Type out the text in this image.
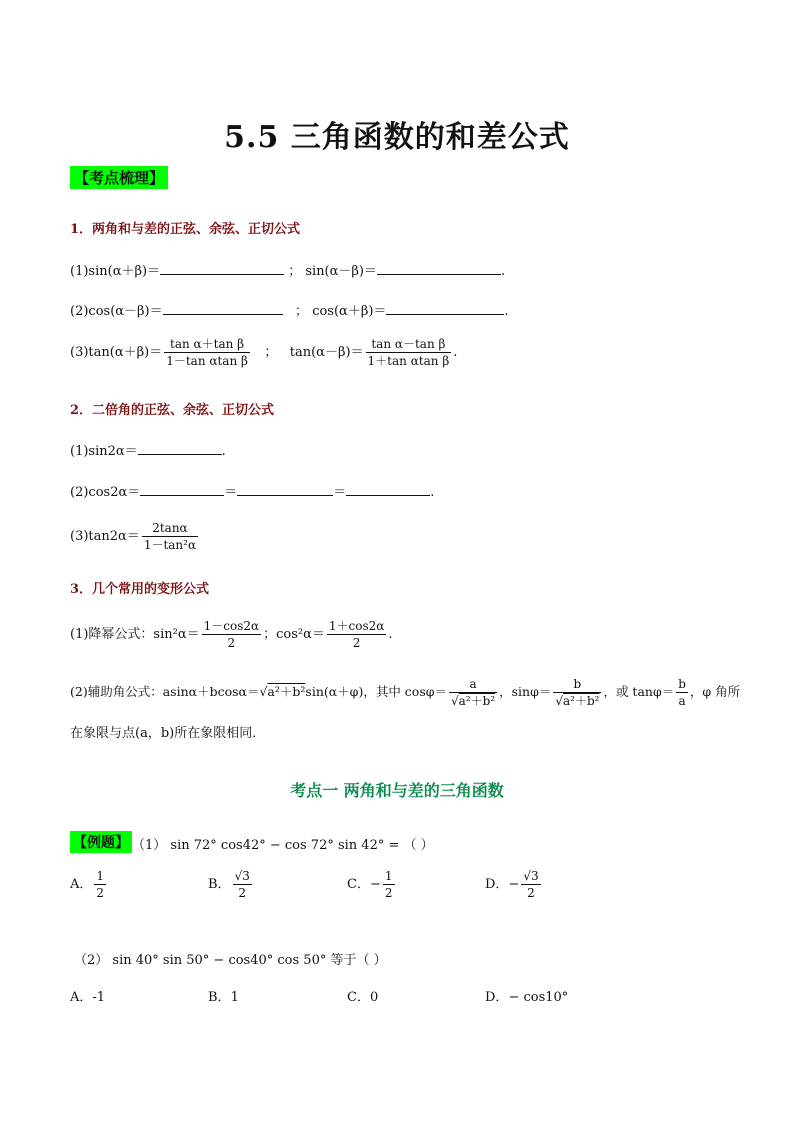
5.5 三角函数的和差公式
【考点梳理】
1．两角和与差的正弦、余弦、正切公式
(1)sin(α＋β)＝	； sin(α－β)＝	.
(2)cos(α－β)＝	； cos(α＋β)＝	.
$(3)\tan(\alpha+\beta)= \frac{\text{tan α＋tan β}}{\text{1－tan αtan β}}$ ； $\tan(\alpha-\beta)= \frac{\text{tan α－tan β}}{\text{1＋tan αtan β}}$ .
2．二倍角的正弦、余弦、正切公式
(1)sin2α＝	.
(2)cos2α＝	＝	＝	.
$(3)\tan 2\alpha= \frac{2\tan\alpha}{\text{1－tan²α}}$
3．几个常用的变形公式
(1)降幂公式：$\sin^2\alpha= \frac{1-\cos 2\alpha}{2}$ ；$\cos^2\alpha= \frac{1+\cos 2\alpha}{2}$ .
(2)辅助角公式：asinα＋bcosα＝√a²＋b²sin(α＋φ)，其中 $\cos\varphi= \frac{a}{\text{√a²＋b²}}$ ，$\sin\varphi= \frac{b}{\text{√a²＋b²}}$ ，或 $\tan\varphi= \frac{b}{a}$ ，φ 角所
在象限与点(a，b)所在象限相同．
考点一 两角和与差的三角函数
【例题】 （1） sin 72° cos42° − cos 72° sin 42° = （ ）
A． $\frac{1}{2}$	B． $\frac{√3}{2}$	C．− $\frac{1}{2}$	D．− $\frac{√3}{2}$
（2） sin 40° sin 50° − cos40° cos 50° 等于（ ）
A．-1	B．1	C．0	D．− cos10°
